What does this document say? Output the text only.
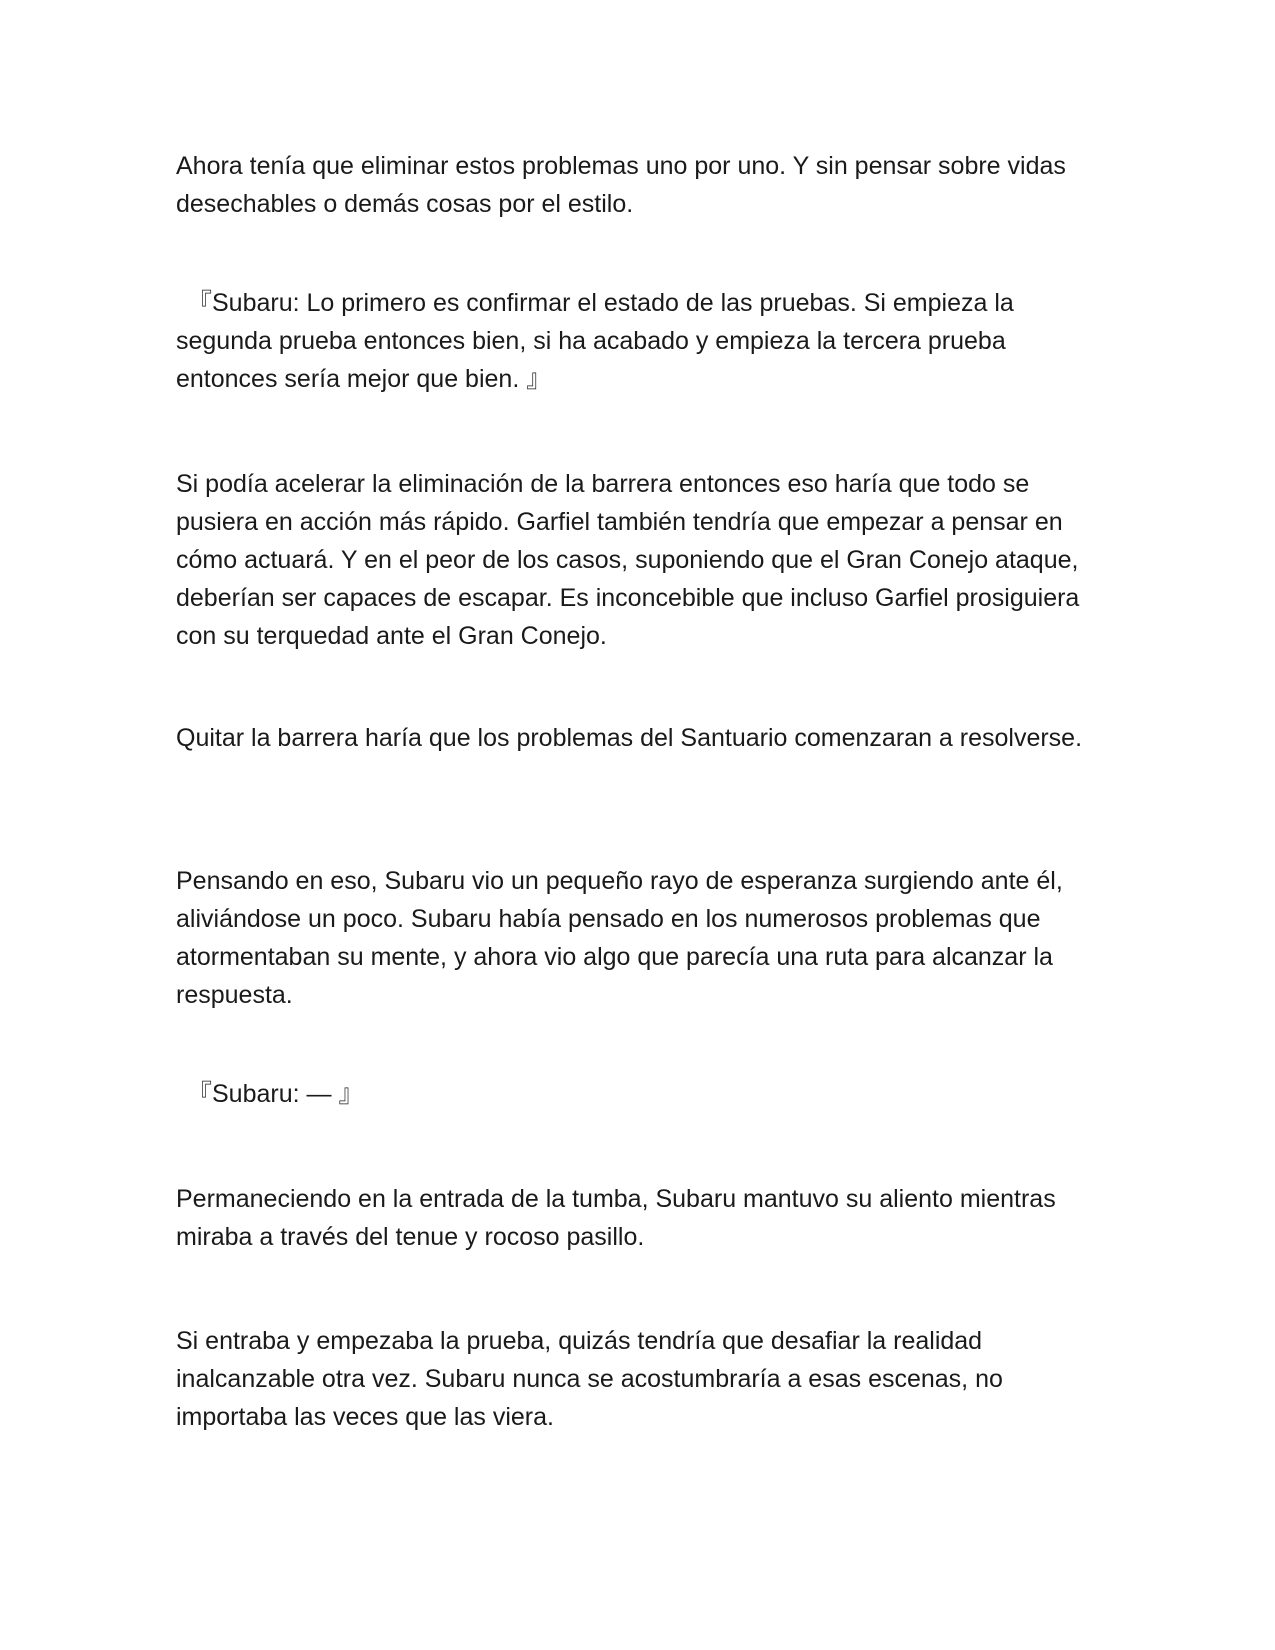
Ahora tenía que eliminar estos problemas uno por uno. Y sin pensar sobre vidas desechables o demás cosas por el estilo.

『Subaru: Lo primero es confirmar el estado de las pruebas. Si empieza la segunda prueba entonces bien, si ha acabado y empieza la tercera prueba entonces sería mejor que bien. 』

Si podía acelerar la eliminación de la barrera entonces eso haría que todo se pusiera en acción más rápido. Garfiel también tendría que empezar a pensar en cómo actuará. Y en el peor de los casos, suponiendo que el Gran Conejo ataque, deberían ser capaces de escapar. Es inconcebible que incluso Garfiel prosiguiera con su terquedad ante el Gran Conejo.

Quitar la barrera haría que los problemas del Santuario comenzaran a resolverse.

Pensando en eso, Subaru vio un pequeño rayo de esperanza surgiendo ante él, aliviándose un poco. Subaru había pensado en los numerosos problemas que atormentaban su mente, y ahora vio algo que parecía una ruta para alcanzar la respuesta.

『Subaru: — 』

Permaneciendo en la entrada de la tumba, Subaru mantuvo su aliento mientras miraba a través del tenue y rocoso pasillo.

Si entraba y empezaba la prueba, quizás tendría que desafiar la realidad inalcanzable otra vez. Subaru nunca se acostumbraría a esas escenas, no importaba las veces que las viera.
